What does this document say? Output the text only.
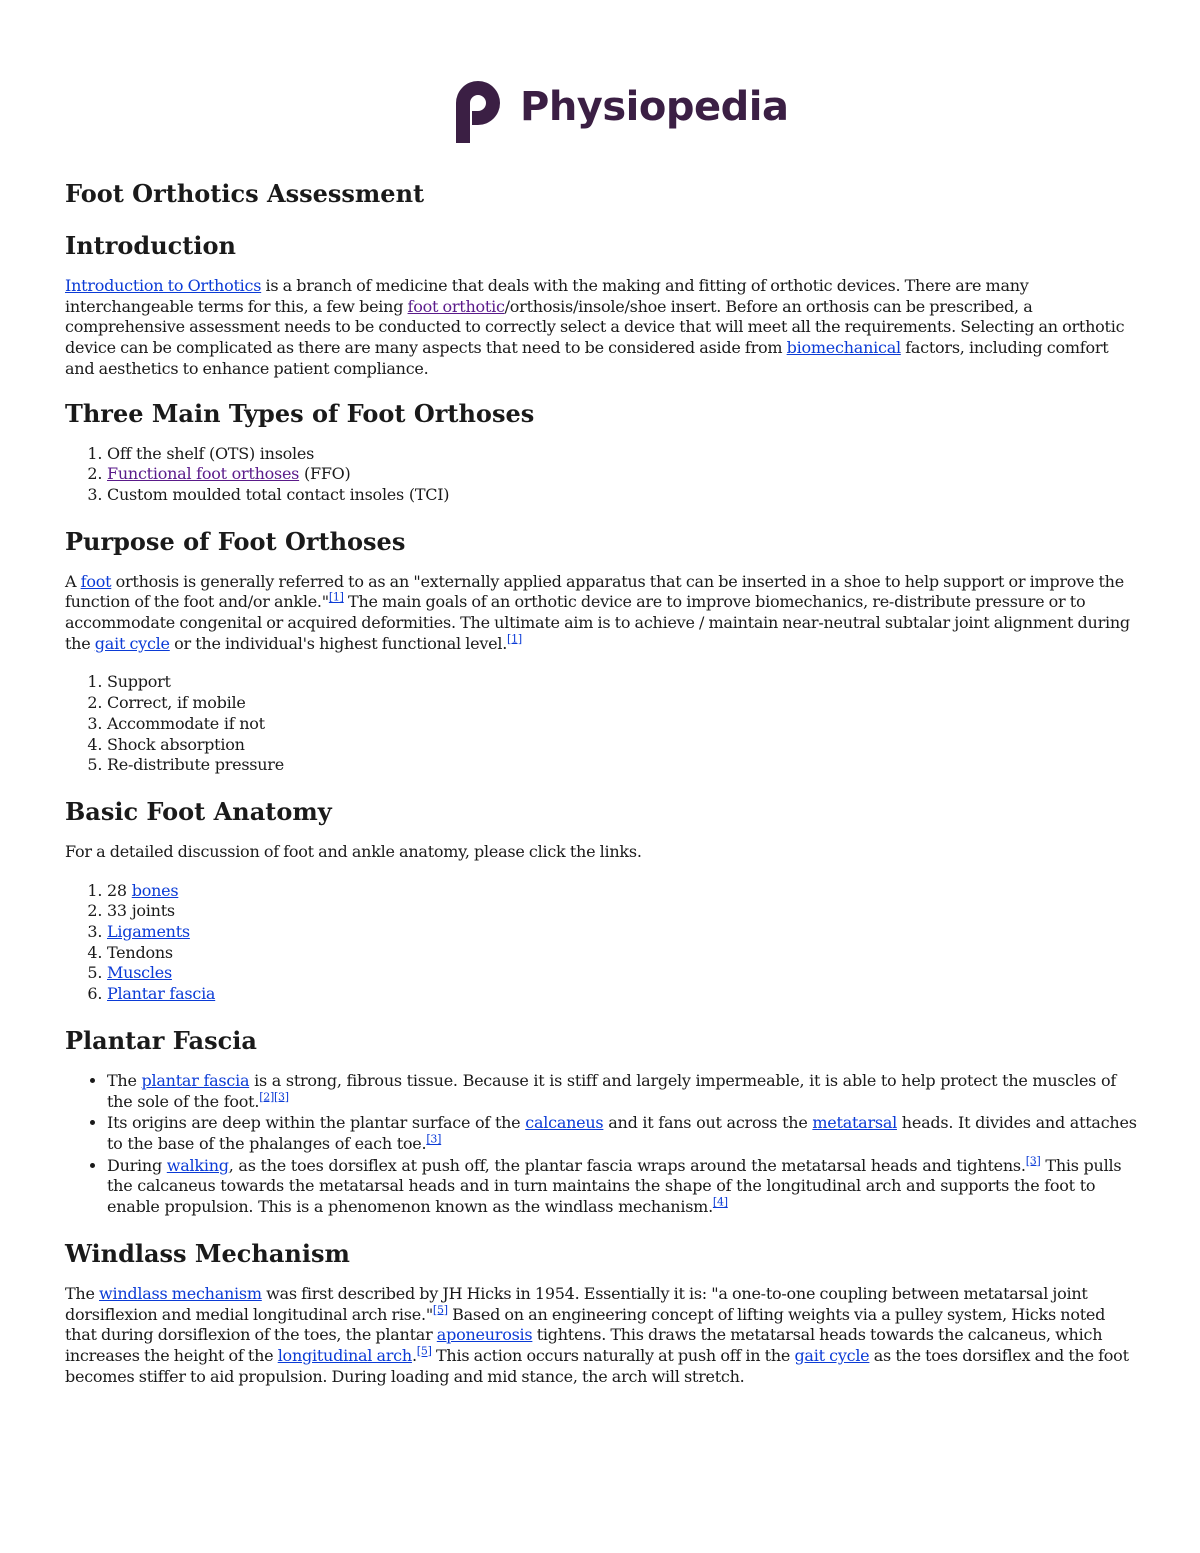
Physiopedia
Foot Orthotics Assessment
Introduction

Introduction to Orthotics is a branch of medicine that deals with the making and fitting of orthotic devices. There are many interchangeable terms for this, a few being foot orthotic/orthosis/insole/shoe insert. Before an orthosis can be prescribed, a comprehensive assessment needs to be conducted to correctly select a device that will meet all the requirements. Selecting an orthotic device can be complicated as there are many aspects that need to be considered aside from biomechanical factors, including comfort and aesthetics to enhance patient compliance.

Three Main Types of Foot Orthoses
1. Off the shelf (OTS) insoles
2. Functional foot orthoses (FFO)
3. Custom moulded total contact insoles (TCI)
Purpose of Foot Orthoses

A foot orthosis is generally referred to as an "externally applied apparatus that can be inserted in a shoe to help support or improve the function of the foot and/or ankle."[1] The main goals of an orthotic device are to improve biomechanics, re-distribute pressure or to accommodate congenital or acquired deformities. The ultimate aim is to achieve / maintain near-neutral subtalar joint alignment during the gait cycle or the individual's highest functional level.[1]

1. Support
2. Correct, if mobile
3. Accommodate if not
4. Shock absorption
5. Re-distribute pressure
Basic Foot Anatomy

For a detailed discussion of foot and ankle anatomy, please click the links.

1. 28 bones
2. 33 joints
3. Ligaments
4. Tendons
5. Muscles
6. Plantar fascia
Plantar Fascia
• The plantar fascia is a strong, fibrous tissue. Because it is stiff and largely impermeable, it is able to help protect the muscles of the sole of the foot.[2][3]
• Its origins are deep within the plantar surface of the calcaneus and it fans out across the metatarsal heads. It divides and attaches to the base of the phalanges of each toe.[3]
• During walking, as the toes dorsiflex at push off, the plantar fascia wraps around the metatarsal heads and tightens.[3] This pulls the calcaneus towards the metatarsal heads and in turn maintains the shape of the longitudinal arch and supports the foot to enable propulsion. This is a phenomenon known as the windlass mechanism.[4]
Windlass Mechanism

The windlass mechanism was first described by JH Hicks in 1954. Essentially it is: "a one-to-one coupling between metatarsal joint dorsiflexion and medial longitudinal arch rise."[5] Based on an engineering concept of lifting weights via a pulley system, Hicks noted that during dorsiflexion of the toes, the plantar aponeurosis tightens. This draws the metatarsal heads towards the calcaneus, which increases the height of the longitudinal arch.[5] This action occurs naturally at push off in the gait cycle as the toes dorsiflex and the foot becomes stiffer to aid propulsion. During loading and mid stance, the arch will stretch.
